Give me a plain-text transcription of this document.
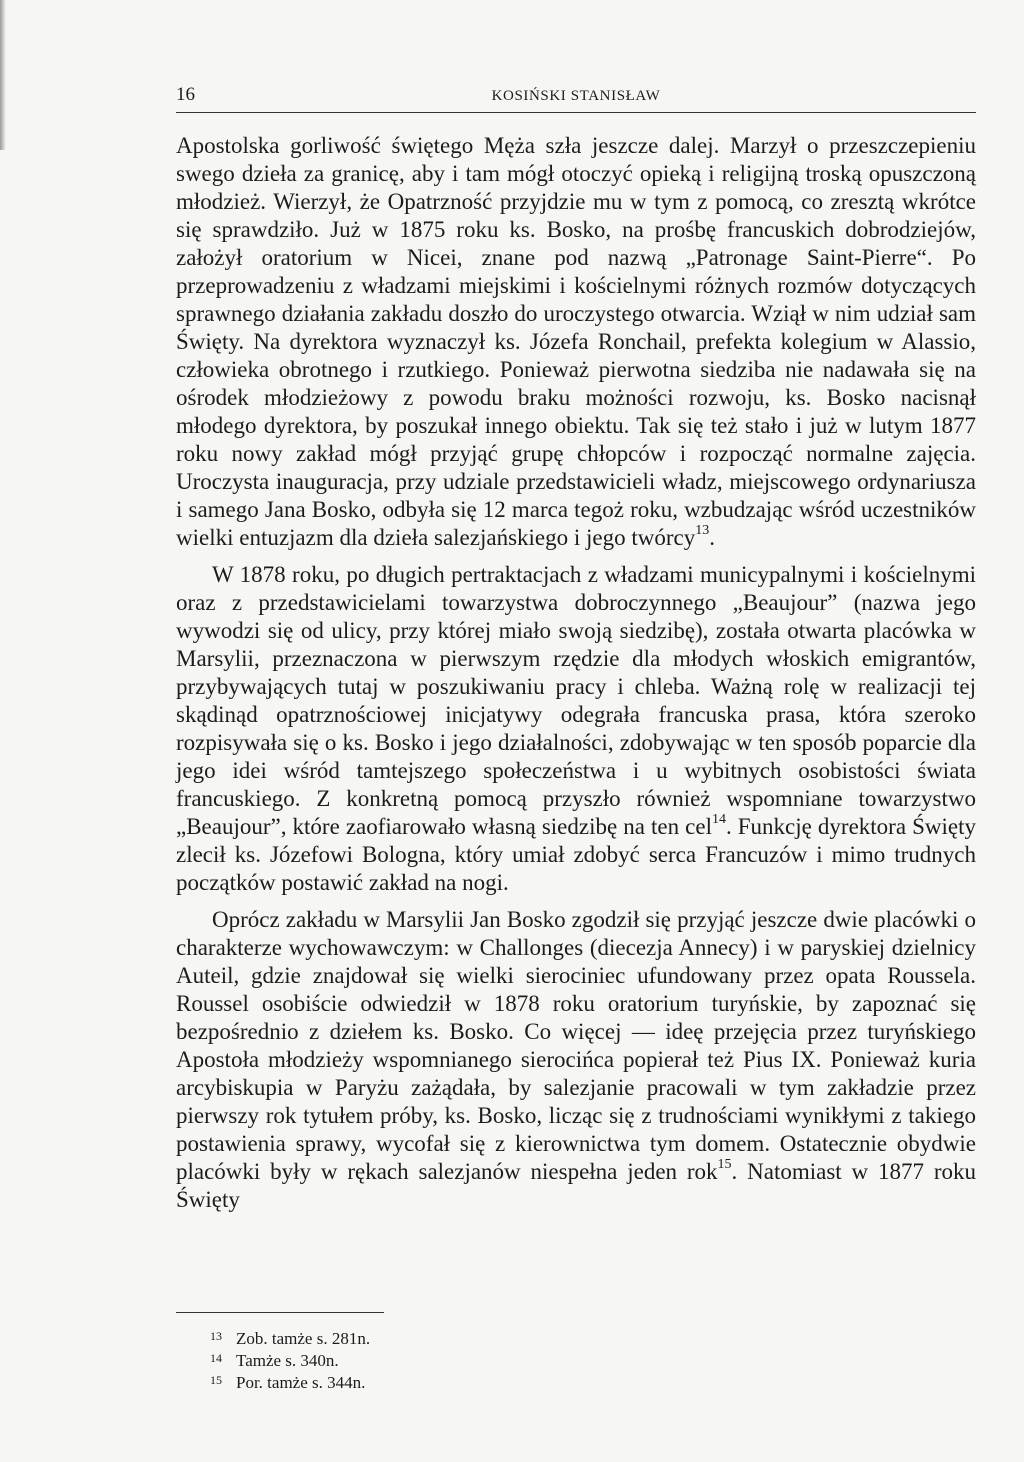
16	KOSIŃSKI STANISŁAW

Apostolska gorliwość świętego Męża szła jeszcze dalej. Marzył o przeszczepieniu swego dzieła za granicę, aby i tam mógł otoczyć opieką i religijną troską opuszczoną młodzież. Wierzył, że Opatrzność przyjdzie mu w tym z pomocą, co zresztą wkrótce się sprawdziło. Już w 1875 roku ks. Bosko, na prośbę francuskich dobrodziejów, założył oratorium w Nicei, znane pod nazwą „Patronage Saint-Pierre“. Po przeprowadzeniu z władzami miejskimi i kościelnymi różnych rozmów dotyczących sprawnego działania zakładu doszło do uroczystego otwarcia. Wziął w nim udział sam Święty. Na dyrektora wyznaczył ks. Józefa Ronchail, prefekta kolegium w Alassio, człowieka obrotnego i rzutkiego. Ponieważ pierwotna siedziba nie nadawała się na ośrodek młodzieżowy z powodu braku możności rozwoju, ks. Bosko nacisnął młodego dyrektora, by poszukał innego obiektu. Tak się też stało i już w lutym 1877 roku nowy zakład mógł przyjąć grupę chłopców i rozpocząć normalne zajęcia. Uroczysta inauguracja, przy udziale przedstawicieli władz, miejscowego ordynariusza i samego Jana Bosko, odbyła się 12 marca tegoż roku, wzbudzając wśród uczestników wielki entuzjazm dla dzieła salezjańskiego i jego twórcy$^{13}$.

W 1878 roku, po długich pertraktacjach z władzami municypalnymi i kościelnymi oraz z przedstawicielami towarzystwa dobroczynnego „Beaujour” (nazwa jego wywodzi się od ulicy, przy której miało swoją siedzibę), została otwarta placówka w Marsylii, przeznaczona w pierwszym rzędzie dla młodych włoskich emigrantów, przybywających tutaj w poszukiwaniu pracy i chleba. Ważną rolę w realizacji tej skądinąd opatrznościowej inicjatywy odegrała francuska prasa, która szeroko rozpisywała się o ks. Bosko i jego działalności, zdobywając w ten sposób poparcie dla jego idei wśród tamtejszego społeczeństwa i u wybitnych osobistości świata francuskiego. Z konkretną pomocą przyszło również wspomniane towarzystwo „Beaujour”, które zaofiarowało własną siedzibę na ten cel$^{14}$. Funkcję dyrektora Święty zlecił ks. Józefowi Bologna, który umiał zdobyć serca Francuzów i mimo trudnych początków postawić zakład na nogi.

Oprócz zakładu w Marsylii Jan Bosko zgodził się przyjąć jeszcze dwie placówki o charakterze wychowawczym: w Challonges (diecezja Annecy) i w paryskiej dzielnicy Auteil, gdzie znajdował się wielki sierociniec ufundowany przez opata Roussela. Roussel osobiście odwiedził w 1878 roku oratorium turyńskie, by zapoznać się bezpośrednio z dziełem ks. Bosko. Co więcej — ideę przejęcia przez turyńskiego Apostoła młodzieży wspomnianego sierocińca popierał też Pius IX. Ponieważ kuria arcybiskupia w Paryżu zażądała, by salezjanie pracowali w tym zakładzie przez pierwszy rok tytułem próby, ks. Bosko, licząc się z trudnościami wynikłymi z takiego postawienia sprawy, wycofał się z kierownictwa tym domem. Ostatecznie obydwie placówki były w rękach salezjanów niespełna jeden rok$^{15}$. Natomiast w 1877 roku Święty

13 Zob. tamże s. 281n.
14 Tamże s. 340n.
15 Por. tamże s. 344n.
